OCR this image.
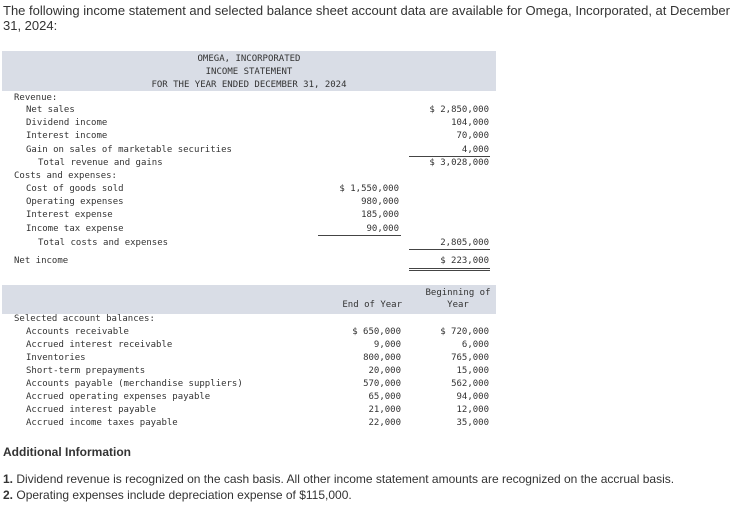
The following income statement and selected balance sheet account data are available for Omega, Incorporated, at December 31, 2024:
OMEGA, INCORPORATED
INCOME STATEMENT
FOR THE YEAR ENDED DECEMBER 31, 2024
Revenue:
Net sales	$ 2,850,000
Dividend income	104,000
Interest income	70,000
Gain on sales of marketable securities	4,000
Total revenue and gains	$ 3,028,000
Costs and expenses:
Cost of goods sold	$ 1,550,000
Operating expenses	980,000
Interest expense	185,000
Income tax expense	90,000
Total costs and expenses	2,805,000
Net income	$ 223,000
End of Year
Beginning of
Year
Selected account balances:
Accounts receivable	$ 650,000	$ 720,000
Accrued interest receivable	9,000	6,000
Inventories	800,000	765,000
Short-term prepayments	20,000	15,000
Accounts payable (merchandise suppliers)	570,000	562,000
Accrued operating expenses payable	65,000	94,000
Accrued interest payable	21,000	12,000
Accrued income taxes payable	22,000	35,000
Additional Information
1. Dividend revenue is recognized on the cash basis. All other income statement amounts are recognized on the accrual basis.
2. Operating expenses include depreciation expense of $115,000.
